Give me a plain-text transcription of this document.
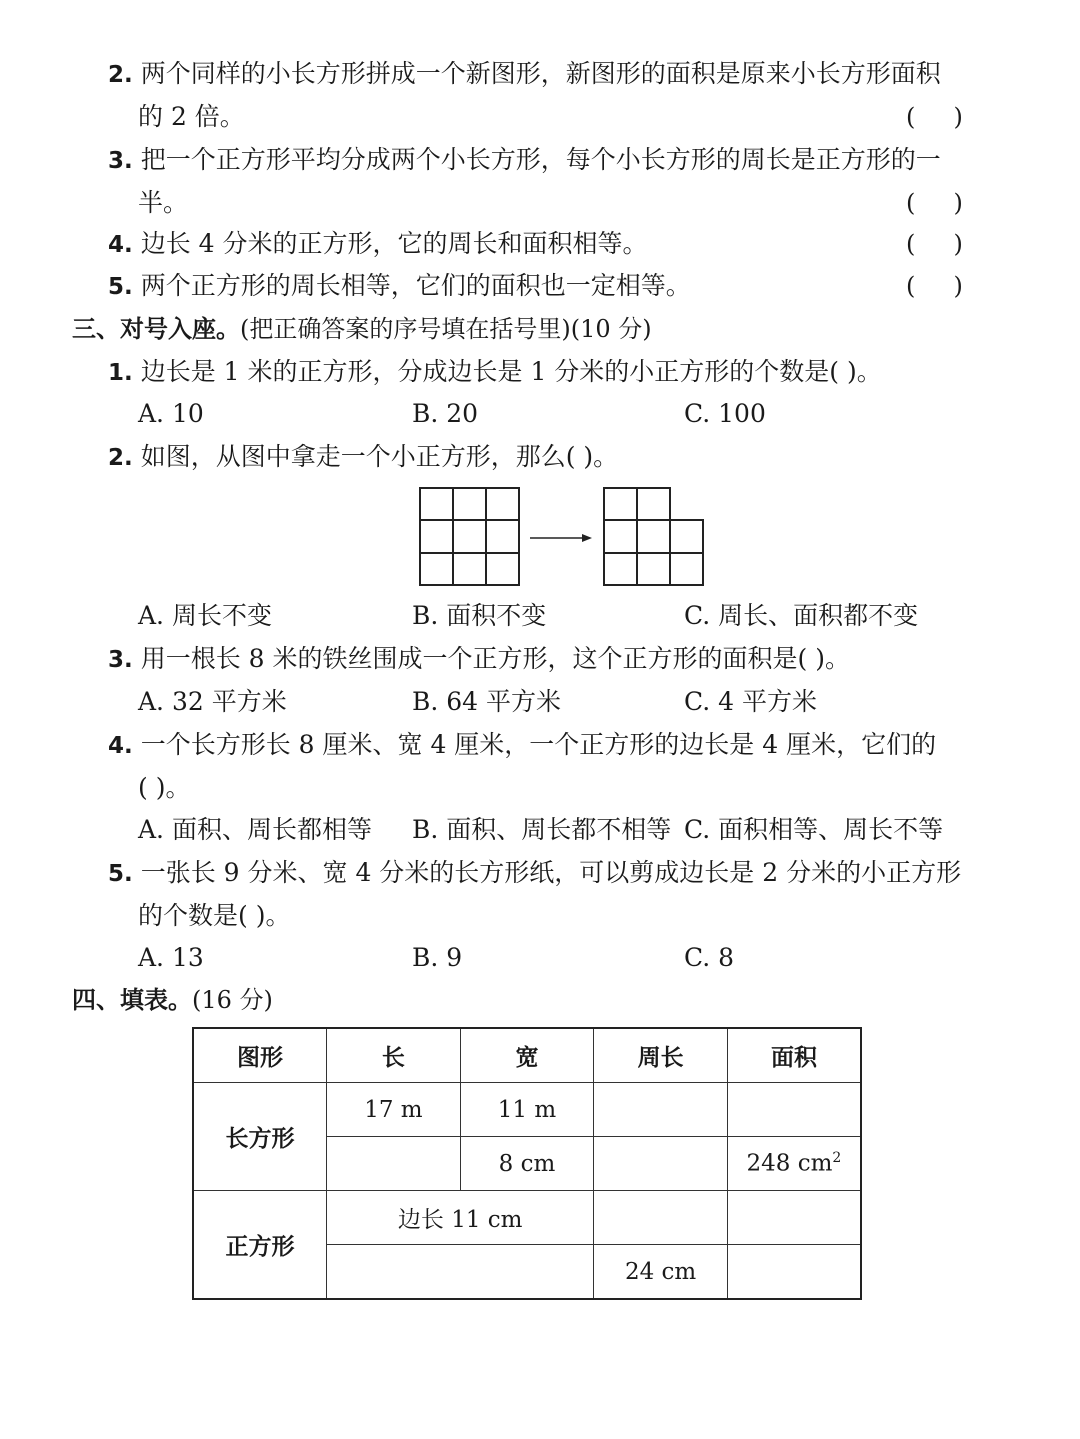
2. 两个同样的小长方形拼成一个新图形，新图形的面积是原来小长方形面积
的 2 倍。	(     )
3. 把一个正方形平均分成两个小长方形，每个小长方形的周长是正方形的一
半。	(     )
4. 边长 4 分米的正方形，它的周长和面积相等。	(     )
5. 两个正方形的周长相等，它们的面积也一定相等。	(     )
三、对号入座。(把正确答案的序号填在括号里)(10 分)
1. 边长是 1 米的正方形，分成边长是 1 分米的小正方形的个数是( )。
A. 10	B. 20	C. 100
2. 如图，从图中拿走一个小正方形，那么( )。
A. 周长不变	B. 面积不变	C. 周长、面积都不变
3. 用一根长 8 米的铁丝围成一个正方形，这个正方形的面积是( )。
A. 32 平方米	B. 64 平方米	C. 4 平方米
4. 一个长方形长 8 厘米、宽 4 厘米，一个正方形的边长是 4 厘米，它们的
( )。
A. 面积、周长都相等 B. 面积、周长都不相等 C. 面积相等、周长不等
5. 一张长 9 分米、宽 4 分米的长方形纸，可以剪成边长是 2 分米的小正方形
的个数是( )。
A. 13	B. 9	C. 8
四、填表。(16 分)
图形	长	宽	周长	面积
长方形	17 m	11 m		
		8 cm		248 $cm^2$
正方形	边长 11 cm			
			24 cm	
